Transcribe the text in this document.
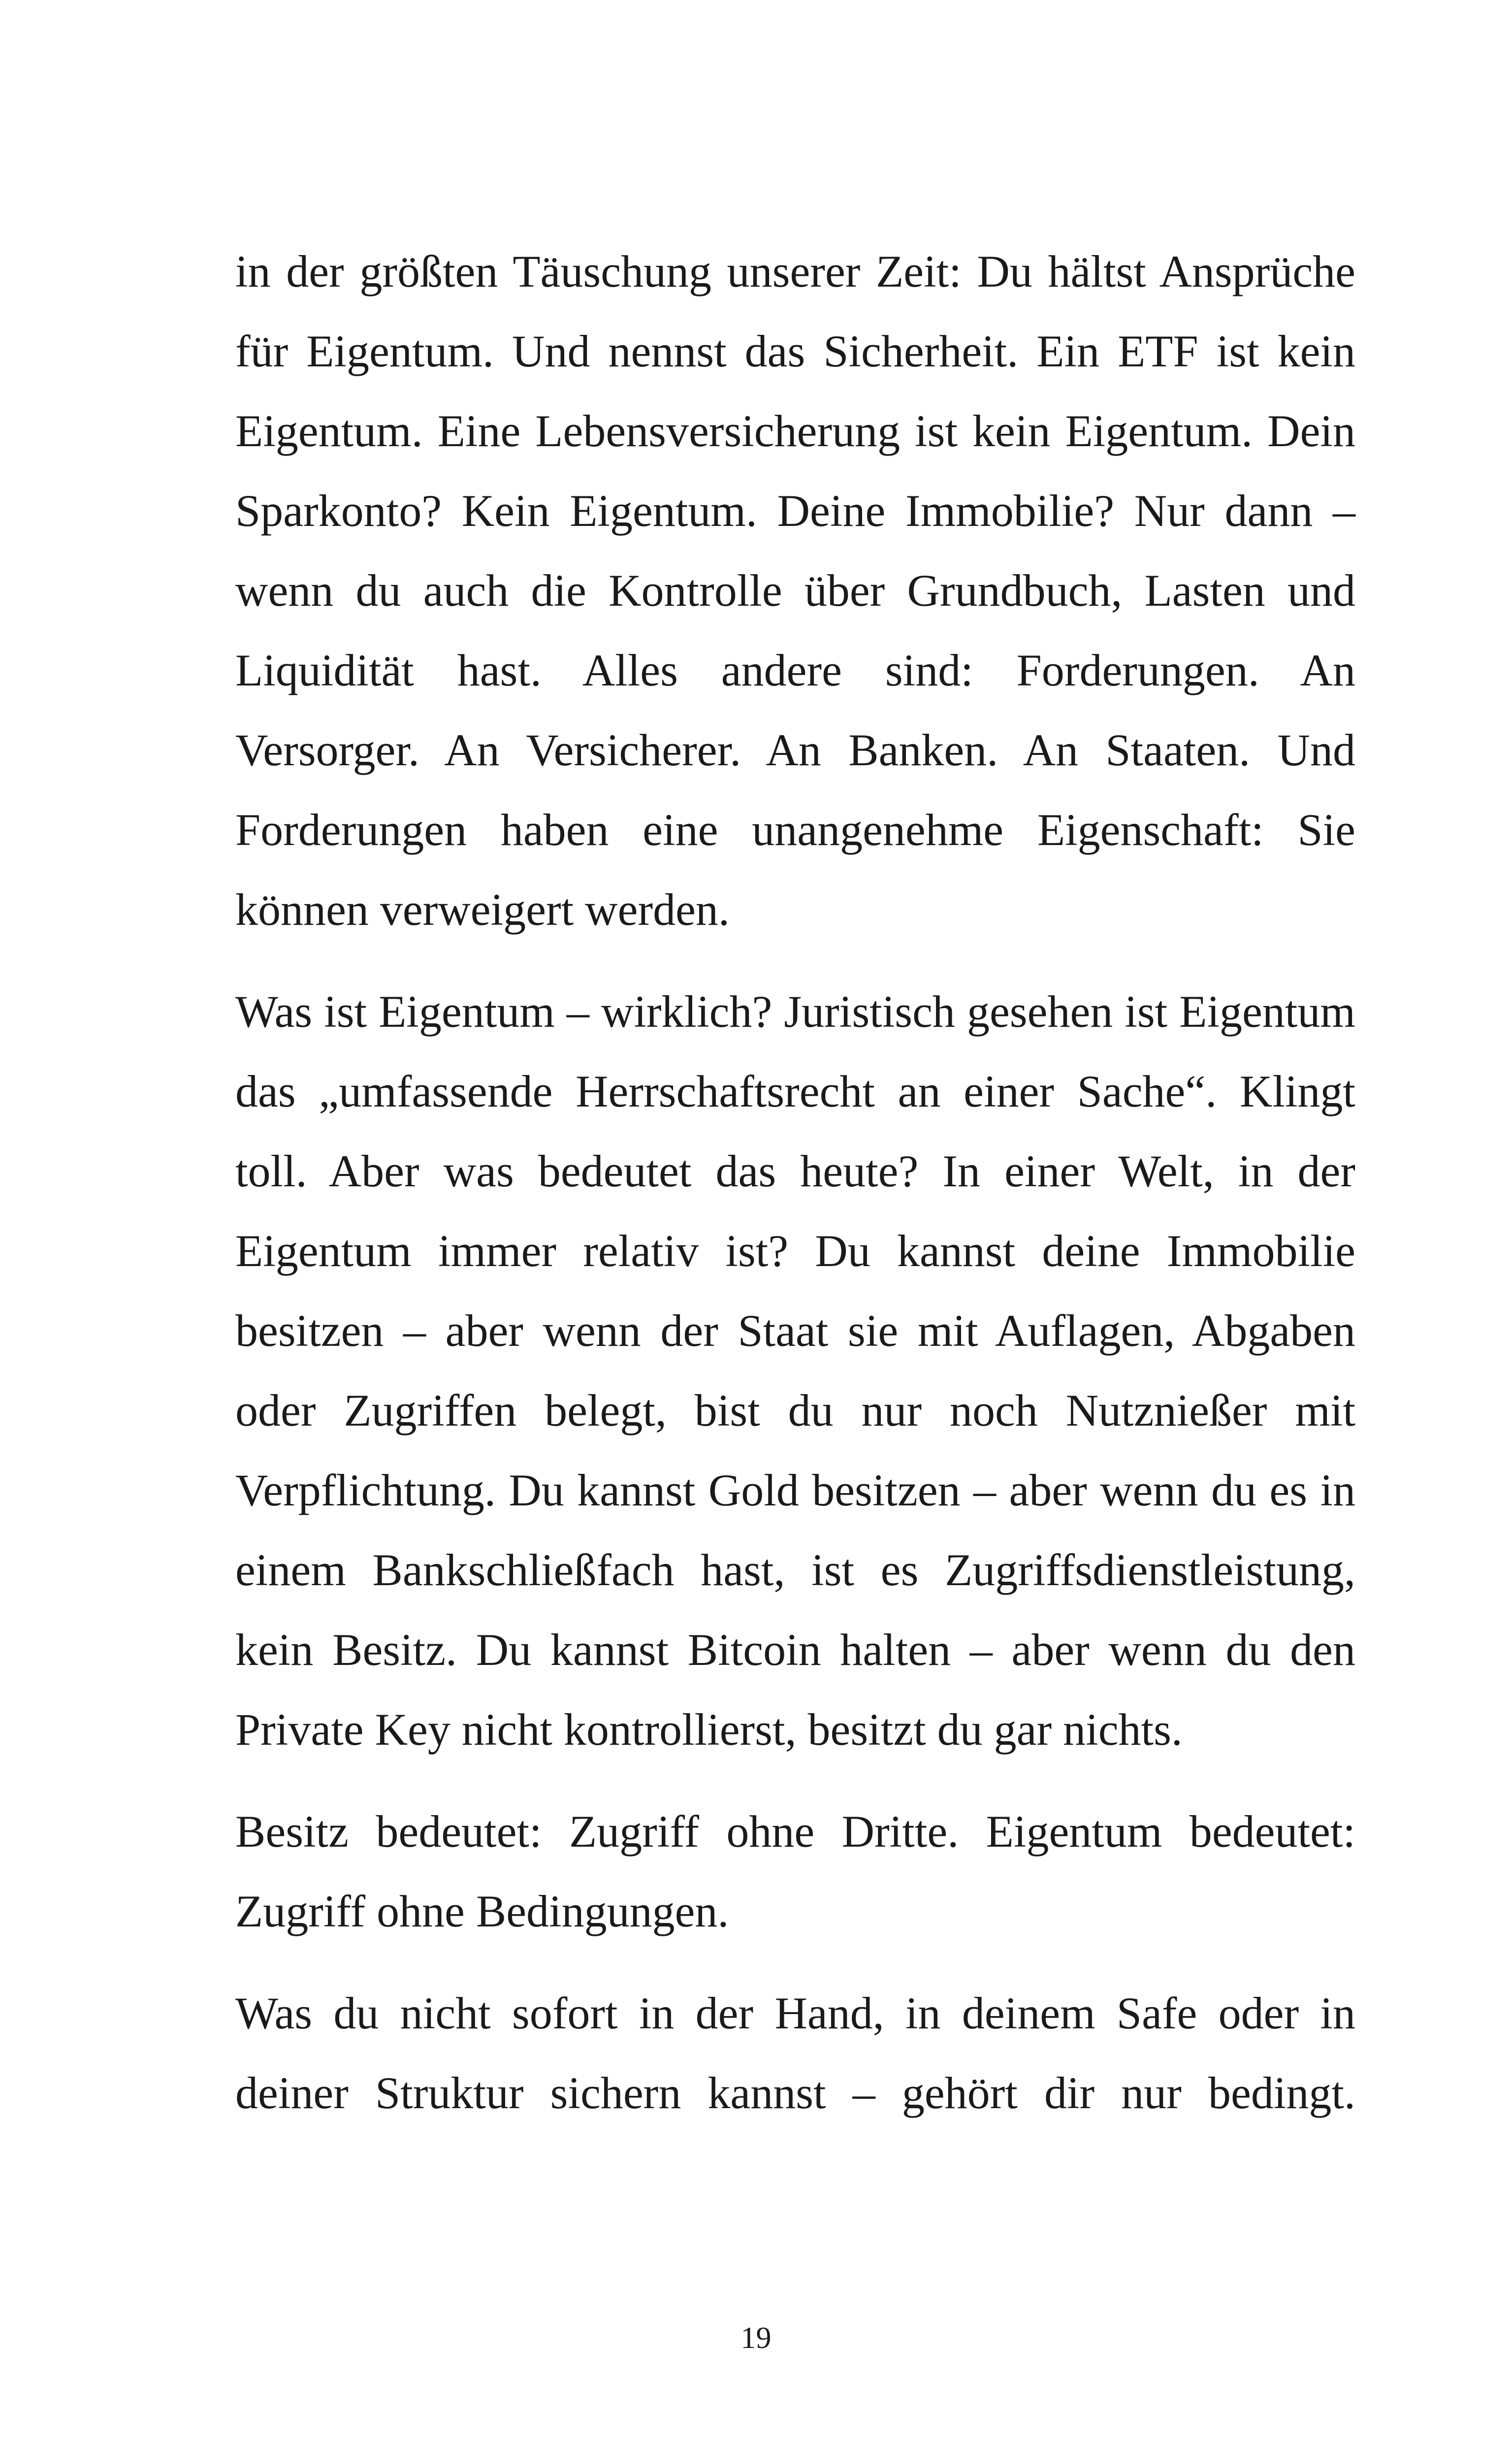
in der größten Täuschung unserer Zeit: Du hältst Ansprüche für Eigentum. Und nennst das Sicherheit. Ein ETF ist kein Eigentum. Eine Lebensversicherung ist kein Eigentum. Dein Sparkonto? Kein Eigentum. Deine Immobilie? Nur dann – wenn du auch die Kontrolle über Grundbuch, Lasten und Liquidität hast. Alles andere sind: Forderungen. An Versorger. An Versicherer. An Banken. An Staaten. Und Forderungen haben eine unangenehme Eigenschaft: Sie können verweigert werden.

Was ist Eigentum – wirklich? Juristisch gesehen ist Eigentum das „umfassende Herrschaftsrecht an einer Sache“. Klingt toll. Aber was bedeutet das heute? In einer Welt, in der Eigentum immer relativ ist? Du kannst deine Immobilie besitzen – aber wenn der Staat sie mit Auflagen, Abgaben oder Zugriffen belegt, bist du nur noch Nutznießer mit Verpflichtung. Du kannst Gold besitzen – aber wenn du es in einem Bankschließfach hast, ist es Zugriffsdienstleistung, kein Besitz. Du kannst Bitcoin halten – aber wenn du den Private Key nicht kontrollierst, besitzt du gar nichts.

Besitz bedeutet: Zugriff ohne Dritte. Eigentum bedeutet: Zugriff ohne Bedingungen.

Was du nicht sofort in der Hand, in deinem Safe oder in deiner Struktur sichern kannst – gehört dir nur bedingt.

19
